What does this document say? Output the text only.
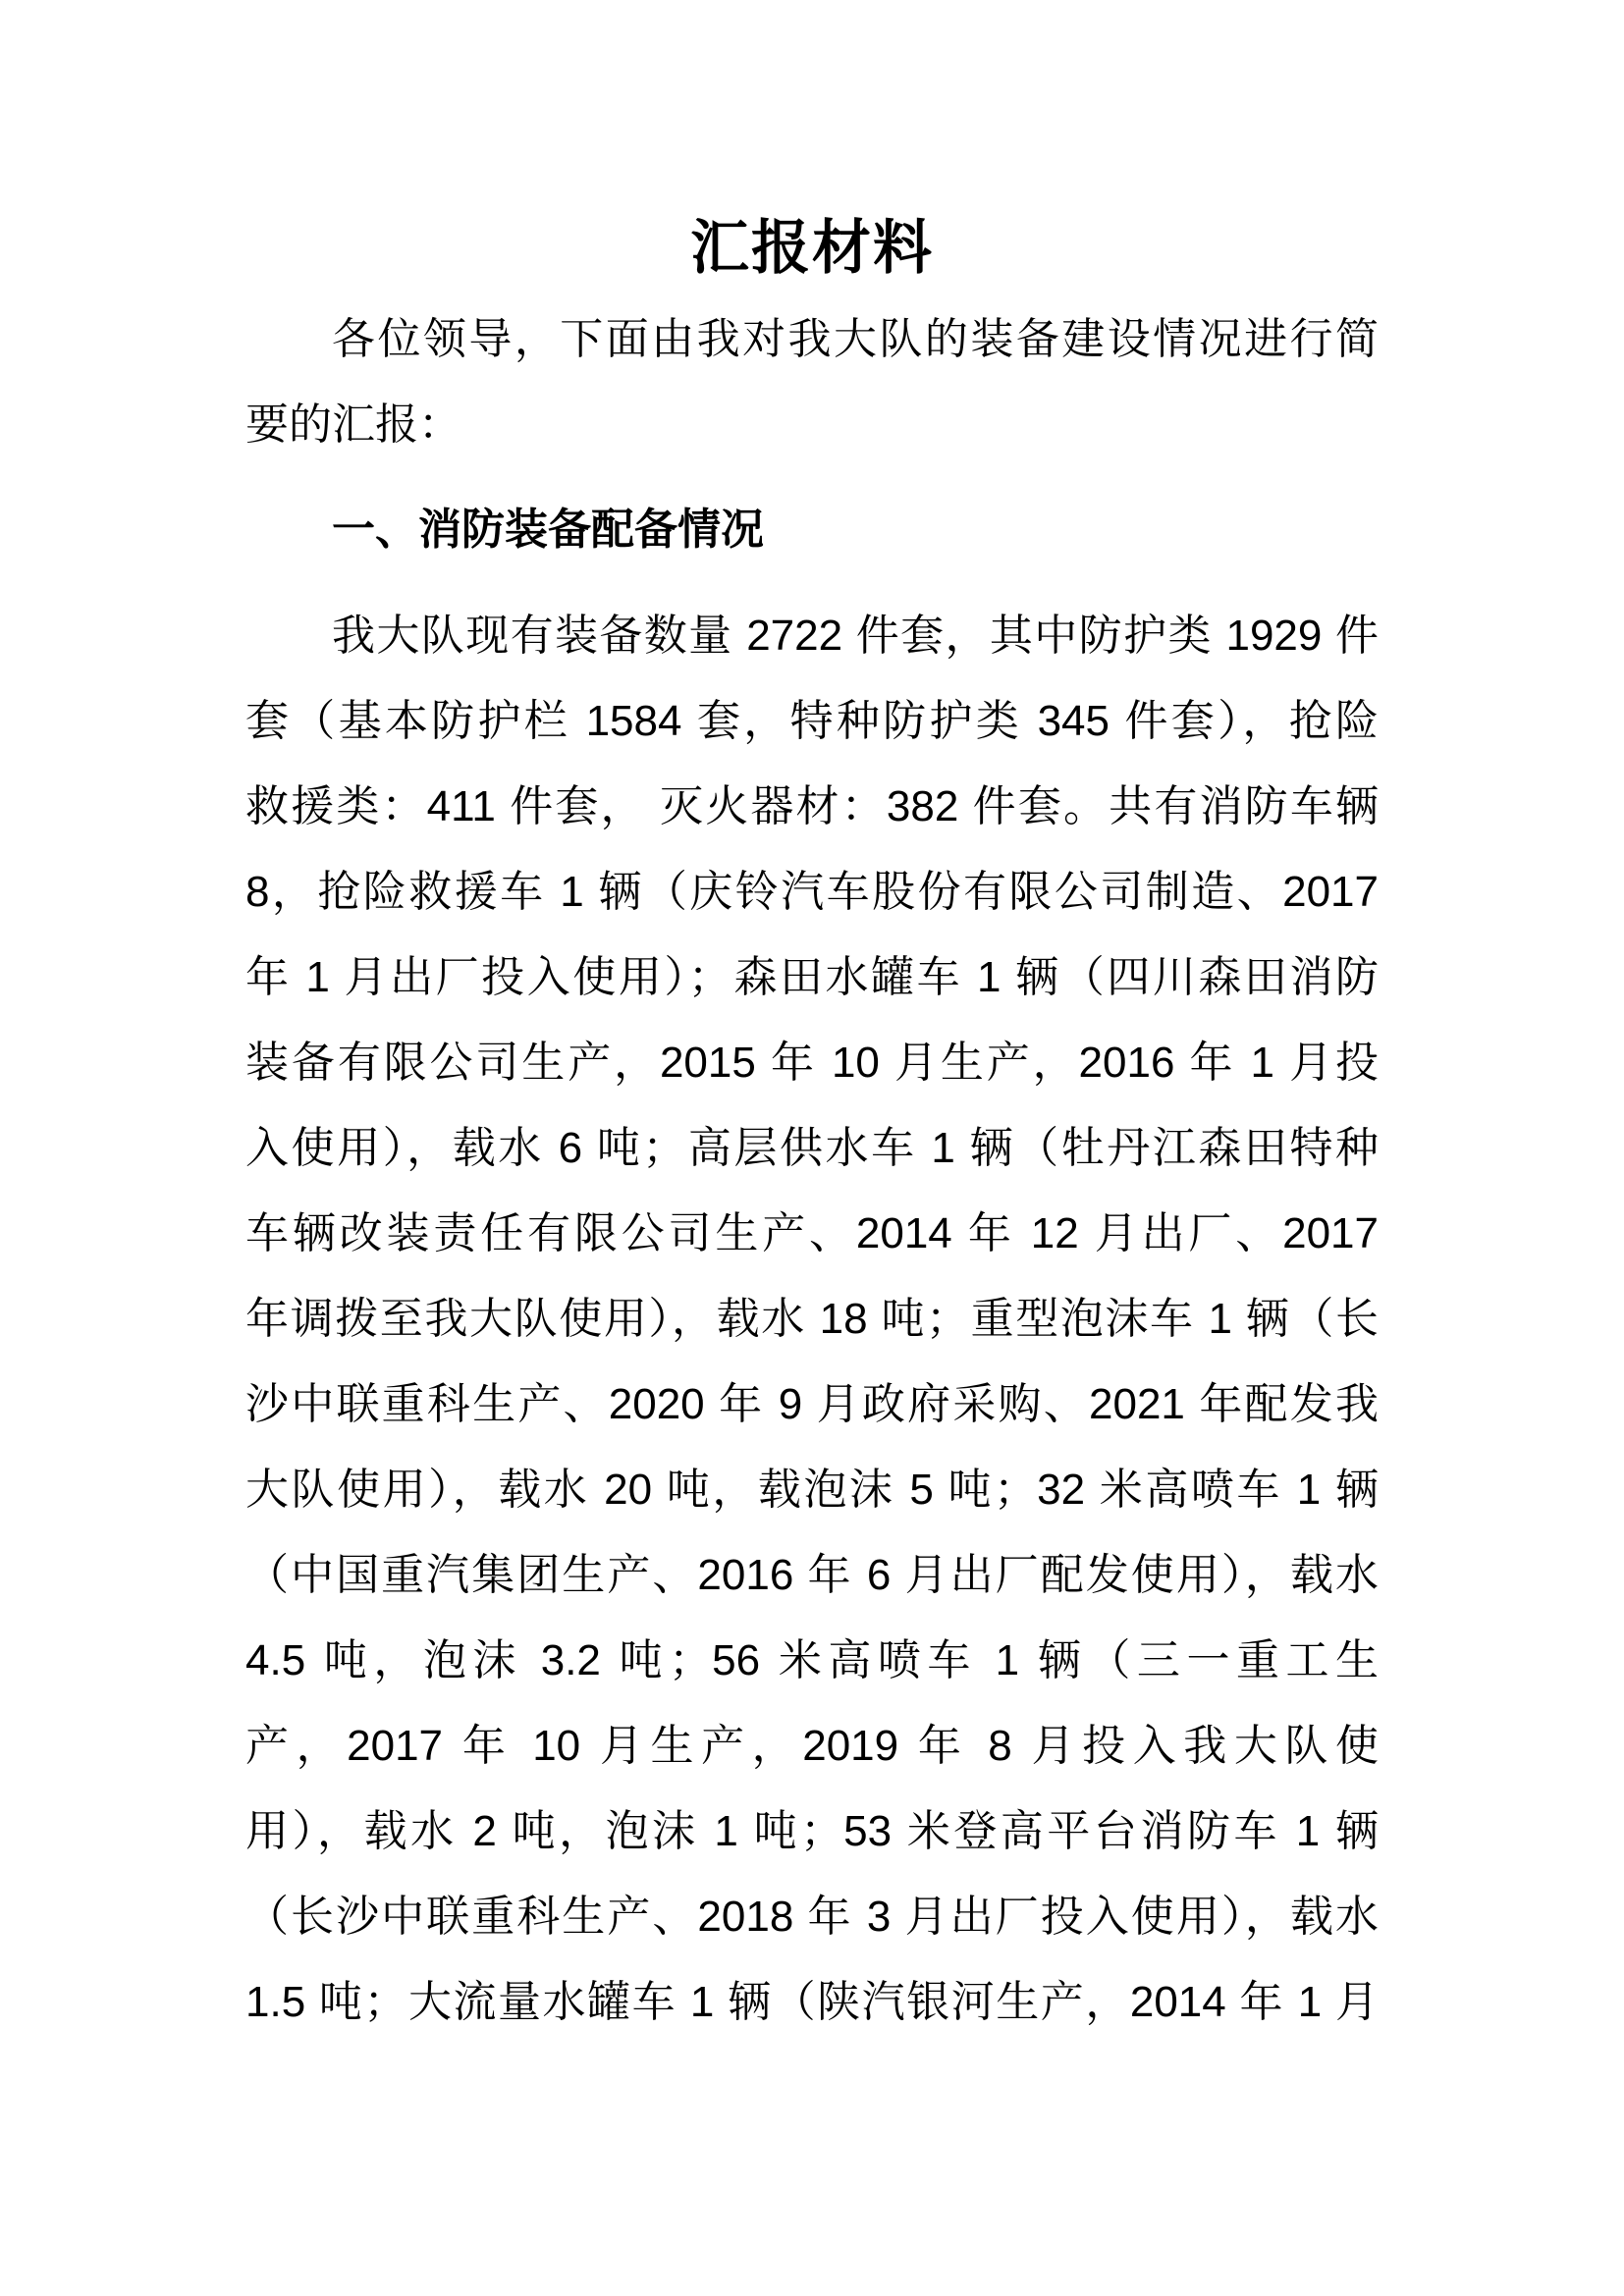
汇报材料
各位领导，下面由我对我大队的装备建设情况进行简
要的汇报：
一、消防装备配备情况
我大队现有装备数量 2722 件套，其中防护类 1929 件
套（基本防护栏 1584 套，特种防护类 345 件套），抢险
救援类：411 件套， 灭火器材：382 件套。共有消防车辆
8，抢险救援车 1 辆（庆铃汽车股份有限公司制造、2017
年 1 月出厂投入使用）；森田水罐车 1 辆（四川森田消防
装备有限公司生产，2015 年 10 月生产，2016 年 1 月投
入使用），载水 6 吨；高层供水车 1 辆（牡丹江森田特种
车辆改装责任有限公司生产、2014 年 12 月出厂、2017
年调拨至我大队使用），载水 18 吨；重型泡沫车 1 辆（长
沙中联重科生产、2020 年 9 月政府采购、2021 年配发我
大队使用），载水 20 吨，载泡沫 5 吨；32 米高喷车 1 辆
（中国重汽集团生产、2016 年 6 月出厂配发使用），载水
4.5 吨，泡沫 3.2 吨；56 米高喷车 1 辆（三一重工生
产，2017 年 10 月生产，2019 年 8 月投入我大队使
用），载水 2 吨，泡沫 1 吨；53 米登高平台消防车 1 辆
（长沙中联重科生产、2018 年 3 月出厂投入使用），载水
1.5 吨；大流量水罐车 1 辆（陕汽银河生产，2014 年 1 月
